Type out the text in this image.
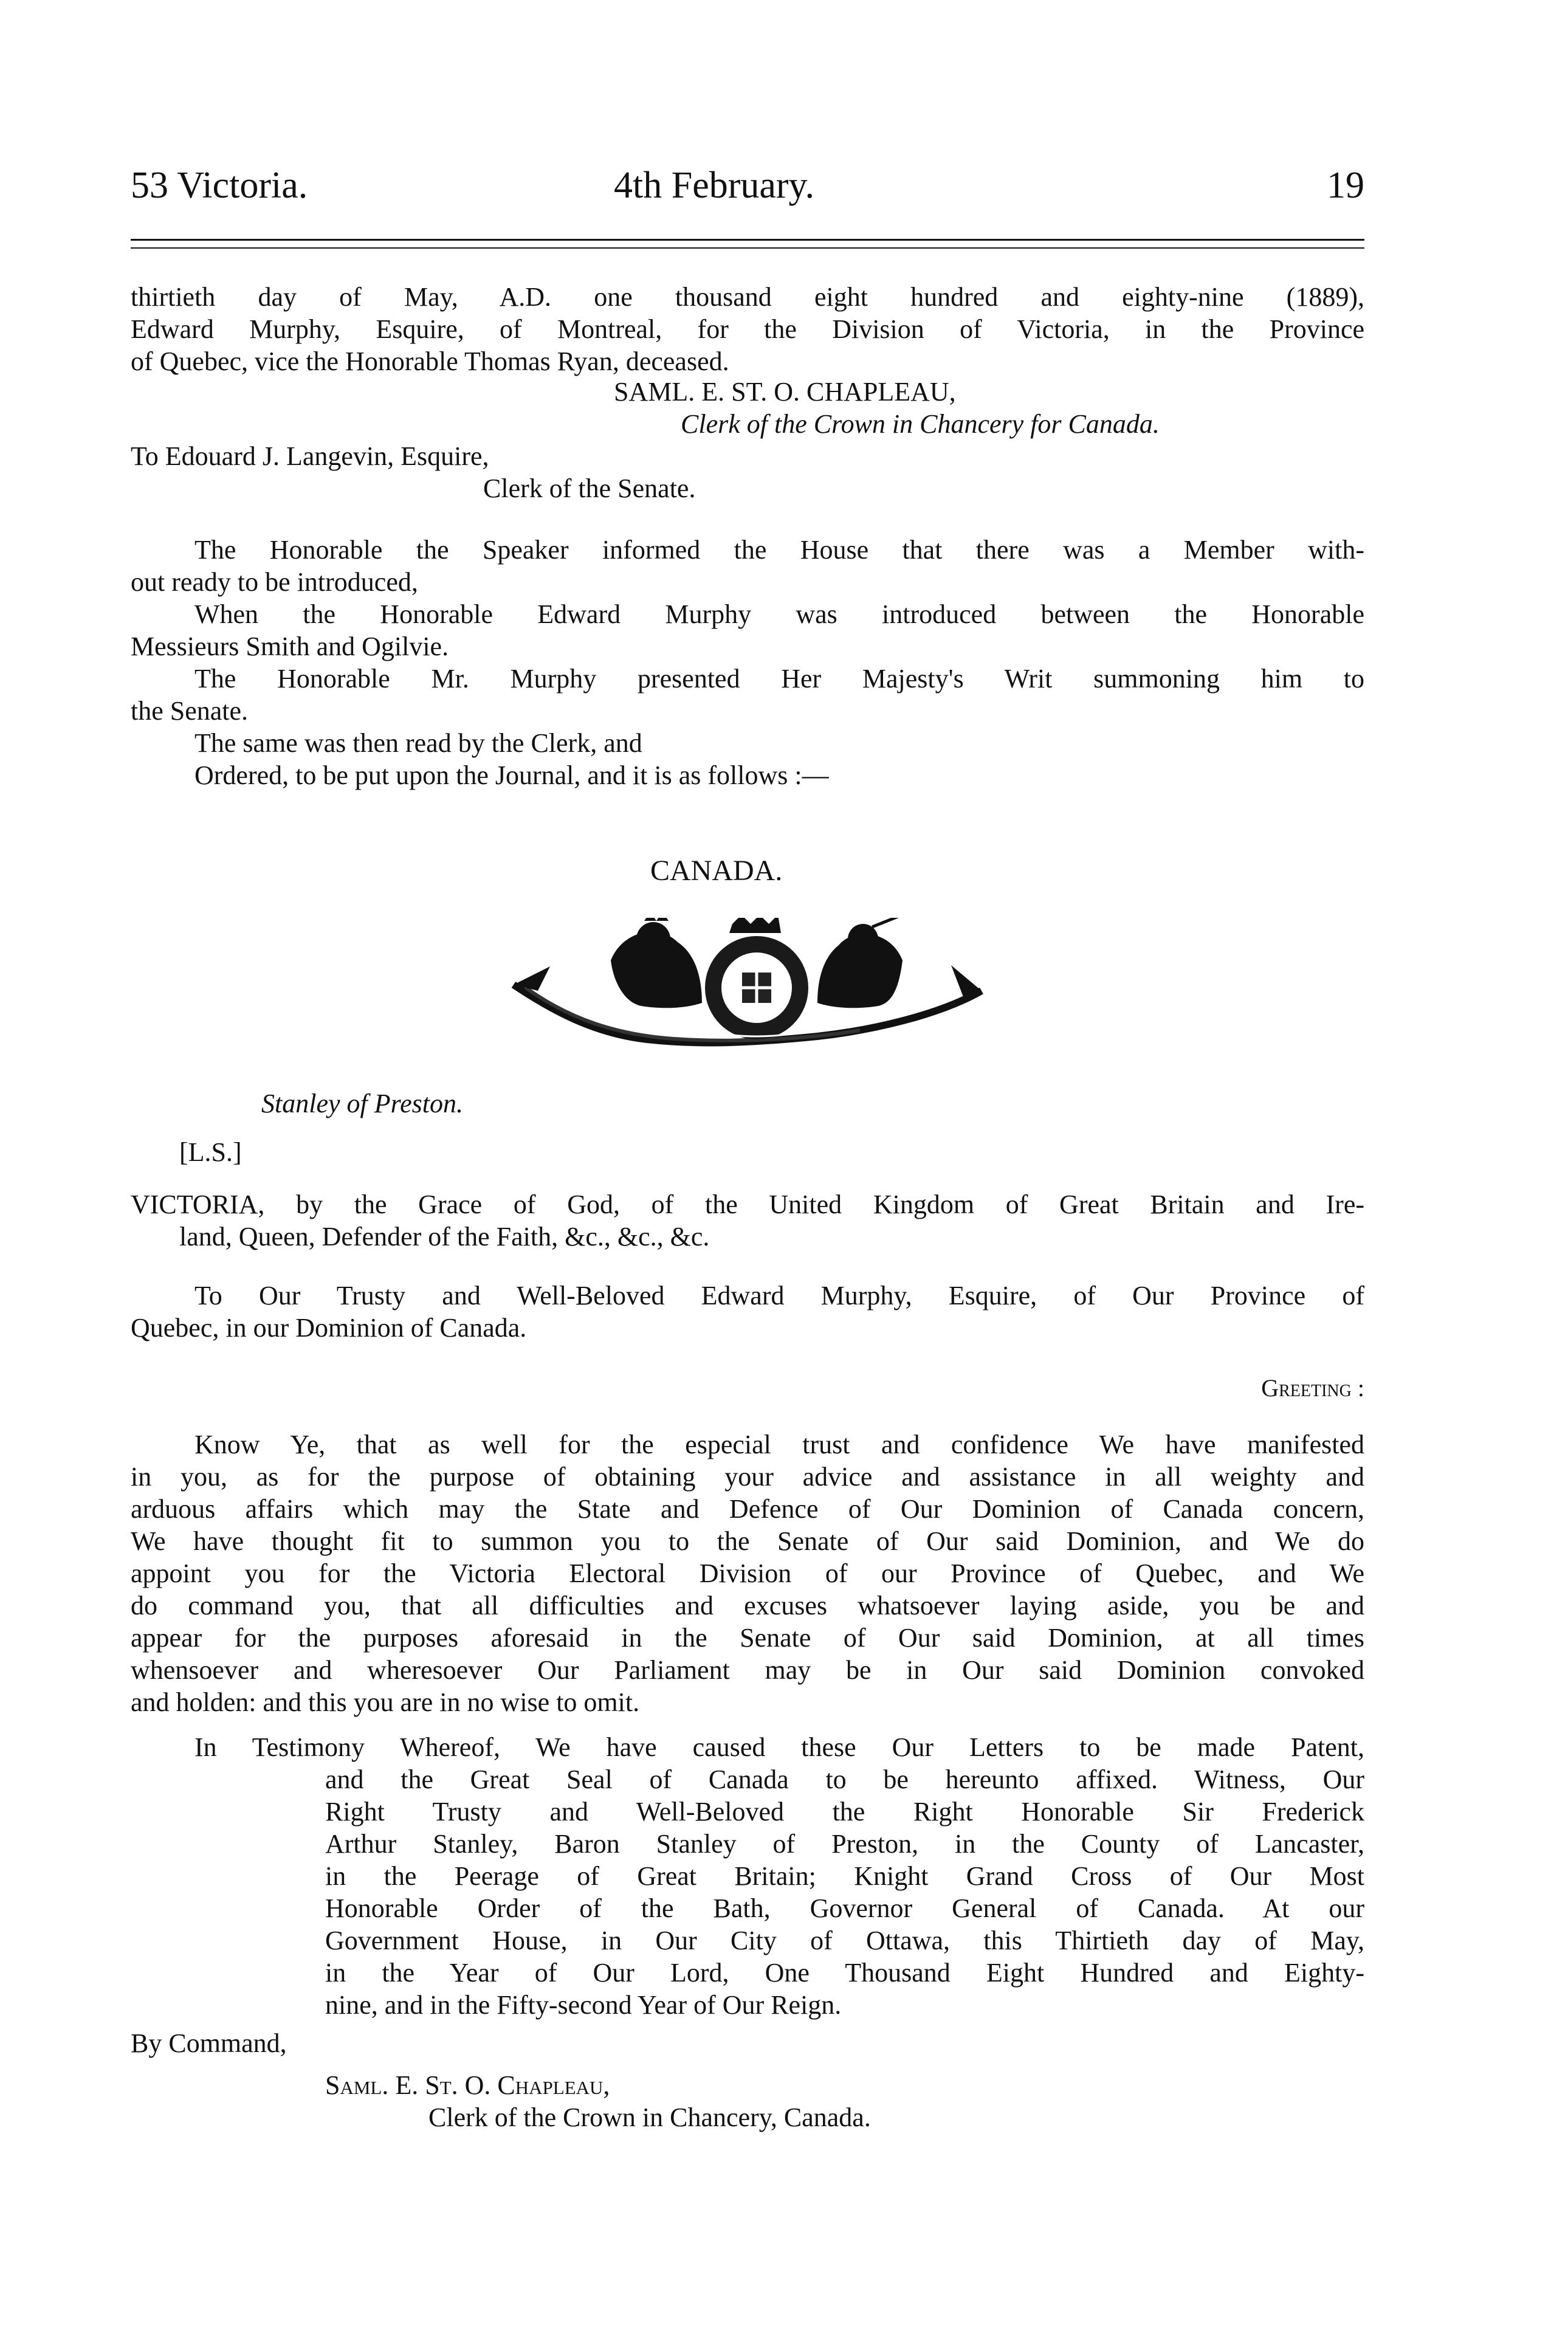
53 Victoria.	4th February.	19
thirtieth day of May, A.D. one thousand eight hundred and eighty-nine (1889),
Edward Murphy, Esquire, of Montreal, for the Division of Victoria, in the Province
of Quebec, vice the Honorable Thomas Ryan, deceased.
SAML. E. ST. O. CHAPLEAU,
Clerk of the Crown in Chancery for Canada.
To Edouard J. Langevin, Esquire,
Clerk of the Senate.
The Honorable the Speaker informed the House that there was a Member with-
out ready to be introduced,
When the Honorable Edward Murphy was introduced between the Honorable
Messieurs Smith and Ogilvie.
The Honorable Mr. Murphy presented Her Majesty's Writ summoning him to
the Senate.
The same was then read by the Clerk, and
Ordered, to be put upon the Journal, and it is as follows :—
CANADA.
Stanley of Preston.
[L.S.]
VICTORIA, by the Grace of God, of the United Kingdom of Great Britain and Ire-
land, Queen, Defender of the Faith, &c., &c., &c.
To Our Trusty and Well-Beloved Edward Murphy, Esquire, of Our Province of
Quebec, in our Dominion of Canada.
Greeting :
Know Ye, that as well for the especial trust and confidence We have manifested
in you, as for the purpose of obtaining your advice and assistance in all weighty and
arduous affairs which may the State and Defence of Our Dominion of Canada concern,
We have thought fit to summon you to the Senate of Our said Dominion, and We do
appoint you for the Victoria Electoral Division of our Province of Quebec, and We
do command you, that all difficulties and excuses whatsoever laying aside, you be and
appear for the purposes aforesaid in the Senate of Our said Dominion, at all times
whensoever and wheresoever Our Parliament may be in Our said Dominion convoked
and holden: and this you are in no wise to omit.
In Testimony Whereof, We have caused these Our Letters to be made Patent,
and the Great Seal of Canada to be hereunto affixed. Witness, Our
Right Trusty and Well-Beloved the Right Honorable Sir Frederick
Arthur Stanley, Baron Stanley of Preston, in the County of Lancaster,
in the Peerage of Great Britain; Knight Grand Cross of Our Most
Honorable Order of the Bath, Governor General of Canada. At our
Government House, in Our City of Ottawa, this Thirtieth day of May,
in the Year of Our Lord, One Thousand Eight Hundred and Eighty-
nine, and in the Fifty-second Year of Our Reign.
By Command,
Saml. E. St. O. Chapleau,
Clerk of the Crown in Chancery, Canada.
